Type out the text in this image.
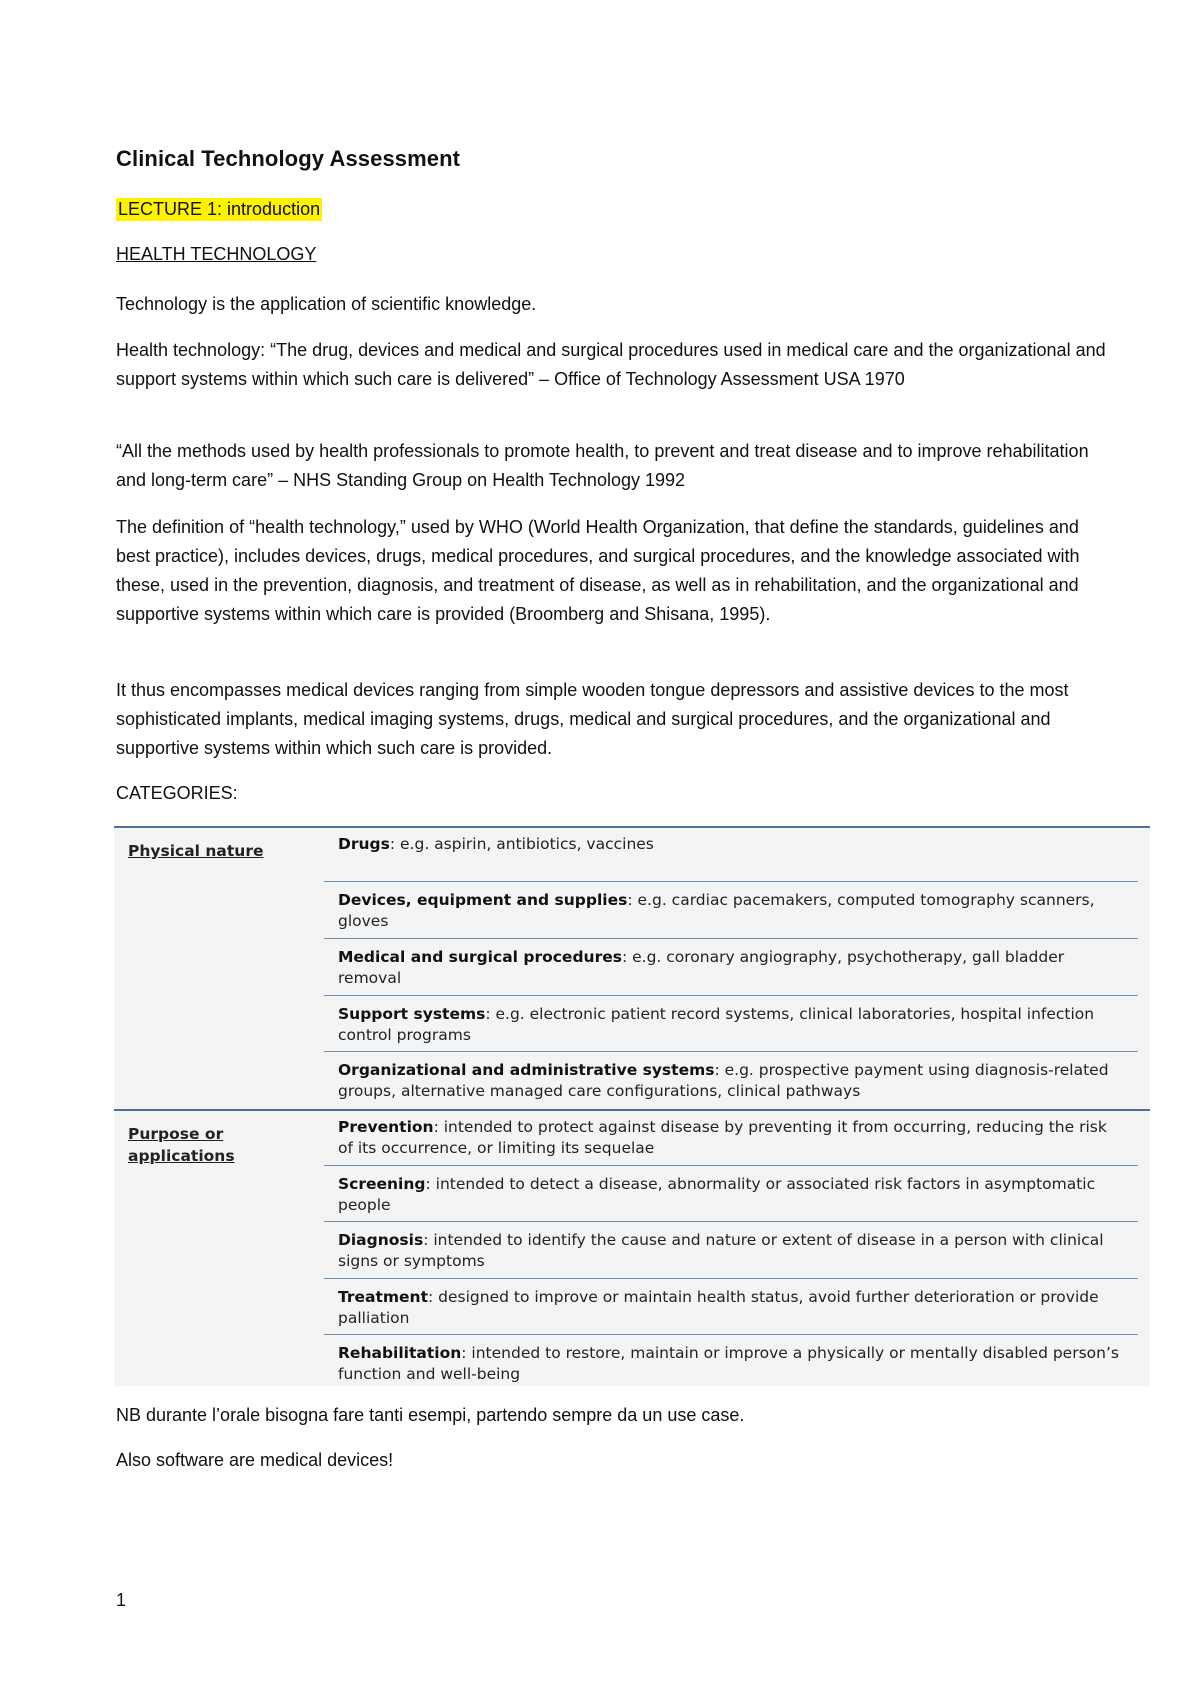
Clinical Technology Assessment
LECTURE 1: introduction
HEALTH TECHNOLOGY
Technology is the application of scientific knowledge.
Health technology: “The drug, devices and medical and surgical procedures used in medical care and the organizational and support systems within which such care is delivered” – Office of Technology Assessment USA 1970
“All the methods used by health professionals to promote health, to prevent and treat disease and to improve rehabilitation and long-term care” – NHS Standing Group on Health Technology 1992
The definition of “health technology,” used by WHO (World Health Organization, that define the standards, guidelines and best practice), includes devices, drugs, medical procedures, and surgical procedures, and the knowledge associated with these, used in the prevention, diagnosis, and treatment of disease, as well as in rehabilitation, and the organizational and supportive systems within which care is provided (Broomberg and Shisana, 1995).
It thus encompasses medical devices ranging from simple wooden tongue depressors and assistive devices to the most sophisticated implants, medical imaging systems, drugs, medical and surgical procedures, and the organizational and supportive systems within which such care is provided.
CATEGORIES:
Physical nature	Drugs: e.g. aspirin, antibiotics, vaccines
Devices, equipment and supplies: e.g. cardiac pacemakers, computed tomography scanners, gloves
Medical and surgical procedures: e.g. coronary angiography, psychotherapy, gall bladder removal
Support systems: e.g. electronic patient record systems, clinical laboratories, hospital infection control programs
Organizational and administrative systems: e.g. prospective payment using diagnosis-related groups, alternative managed care configurations, clinical pathways
Purpose or applications
Prevention: intended to protect against disease by preventing it from occurring, reducing the risk of its occurrence, or limiting its sequelae
Screening: intended to detect a disease, abnormality or associated risk factors in asymptomatic people
Diagnosis: intended to identify the cause and nature or extent of disease in a person with clinical signs or symptoms
Treatment: designed to improve or maintain health status, avoid further deterioration or provide palliation
Rehabilitation: intended to restore, maintain or improve a physically or mentally disabled person’s function and well-being
NB durante l’orale bisogna fare tanti esempi, partendo sempre da un use case.
Also software are medical devices!
1
